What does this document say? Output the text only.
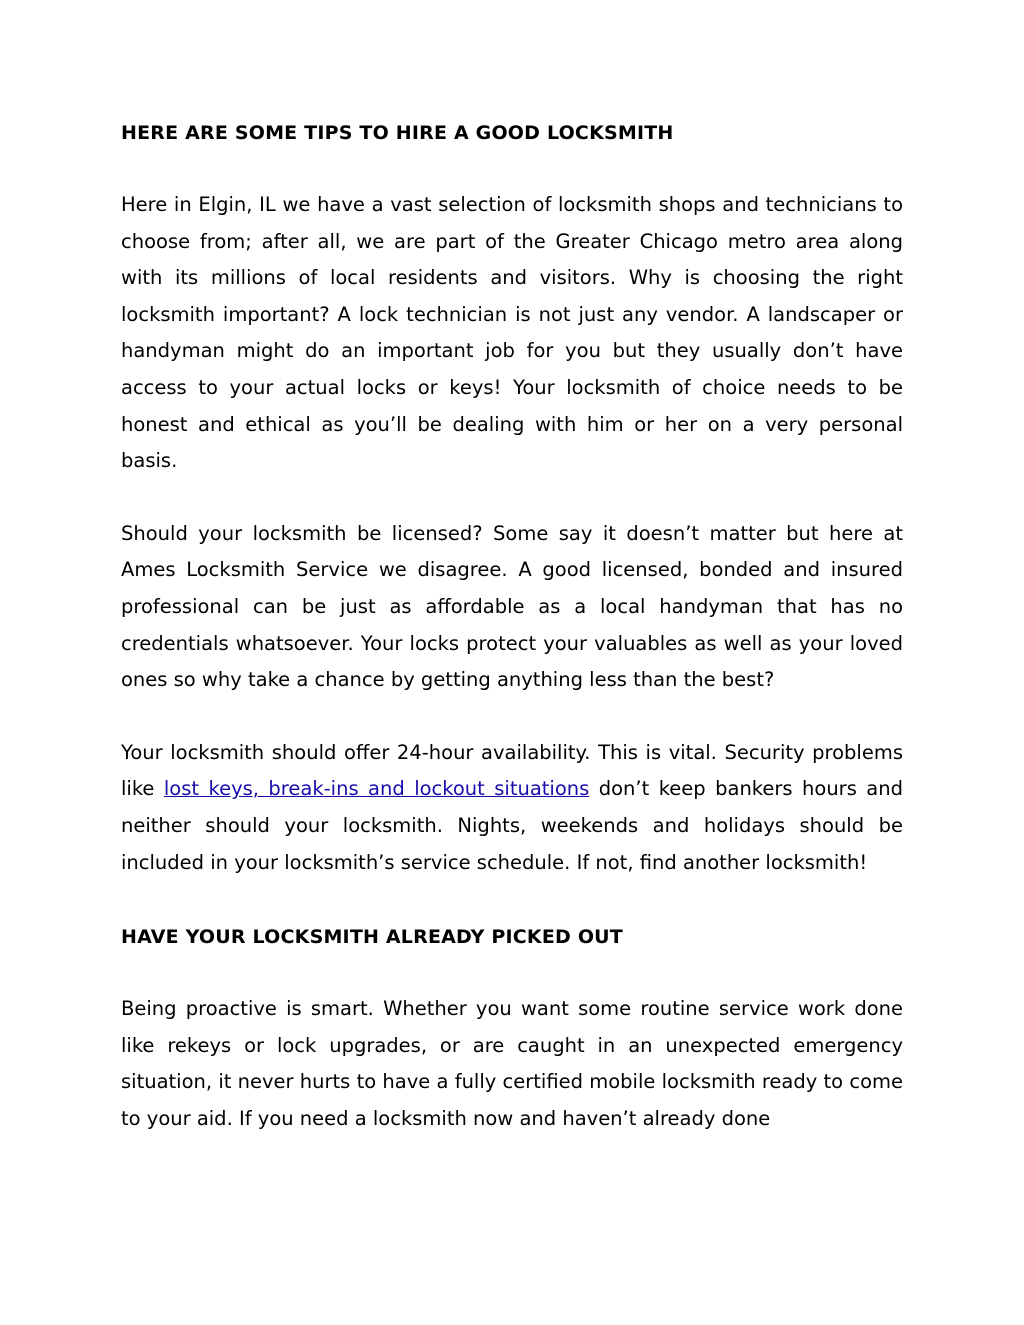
HERE ARE SOME TIPS TO HIRE A GOOD LOCKSMITH

Here in Elgin, IL we have a vast selection of locksmith shops and technicians to choose from; after all, we are part of the Greater Chicago metro area along with its millions of local residents and visitors. Why is choosing the right locksmith important? A lock technician is not just any vendor. A landscaper or handyman might do an important job for you but they usually don’t have access to your actual locks or keys! Your locksmith of choice needs to be honest and ethical as you’ll be dealing with him or her on a very personal basis.

Should your locksmith be licensed? Some say it doesn’t matter but here at Ames Locksmith Service we disagree. A good licensed, bonded and insured professional can be just as affordable as a local handyman that has no credentials whatsoever. Your locks protect your valuables as well as your loved ones so why take a chance by getting anything less than the best?

Your locksmith should offer 24-hour availability. This is vital. Security problems like lost keys, break-ins and lockout situations don’t keep bankers hours and neither should your locksmith. Nights, weekends and holidays should be included in your locksmith’s service schedule. If not, find another locksmith!

HAVE YOUR LOCKSMITH ALREADY PICKED OUT

Being proactive is smart. Whether you want some routine service work done like rekeys or lock upgrades, or are caught in an unexpected emergency situation, it never hurts to have a fully certified mobile locksmith ready to come to your aid. If you need a locksmith now and haven’t already done
